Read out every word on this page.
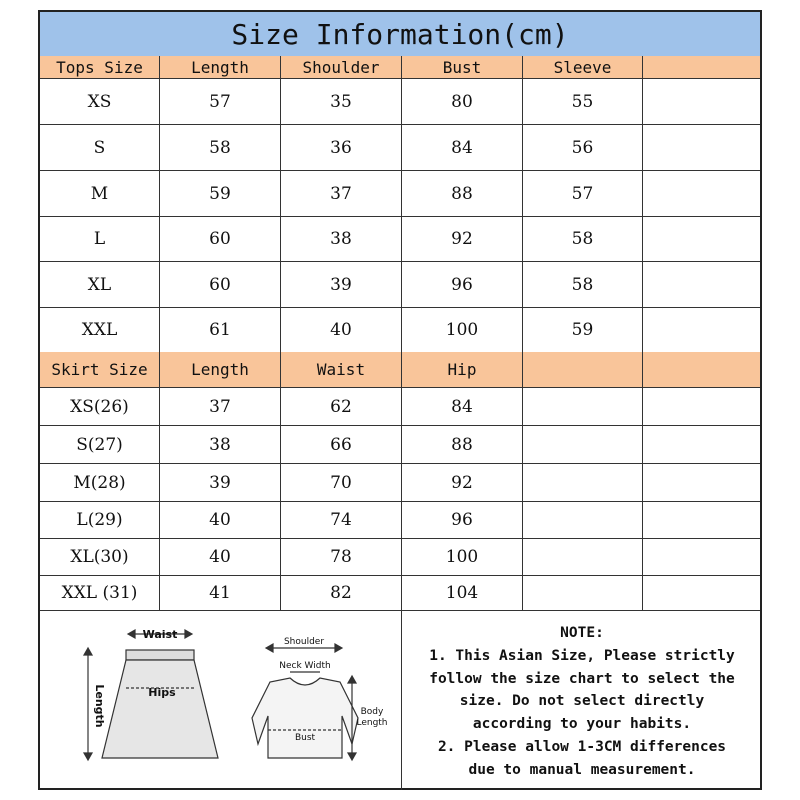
Size Information(cm)
Tops Size	Length	Shoulder	Bust	Sleeve
XS	57	35	80	55
S	58	36	84	56
M	59	37	88	57
L	60	38	92	58
XL	60	39	96	58
XXL	61	40	100	59
Skirt Size	Length	Waist	Hip
XS(26)	37	62	84
S(27)	38	66	88
M(28)	39	70	92
L(29)	40	74	96
XL(30)	40	78	100
XXL (31)	41	82	104
Waist
Hips
Length
Shoulder
Neck Width
Bust
Body
Length
NOTE:
1. This Asian Size, Please strictly
follow the size chart to select the
size. Do not select directly
according to your habits.
2. Please allow 1-3CM differences
due to manual measurement.
